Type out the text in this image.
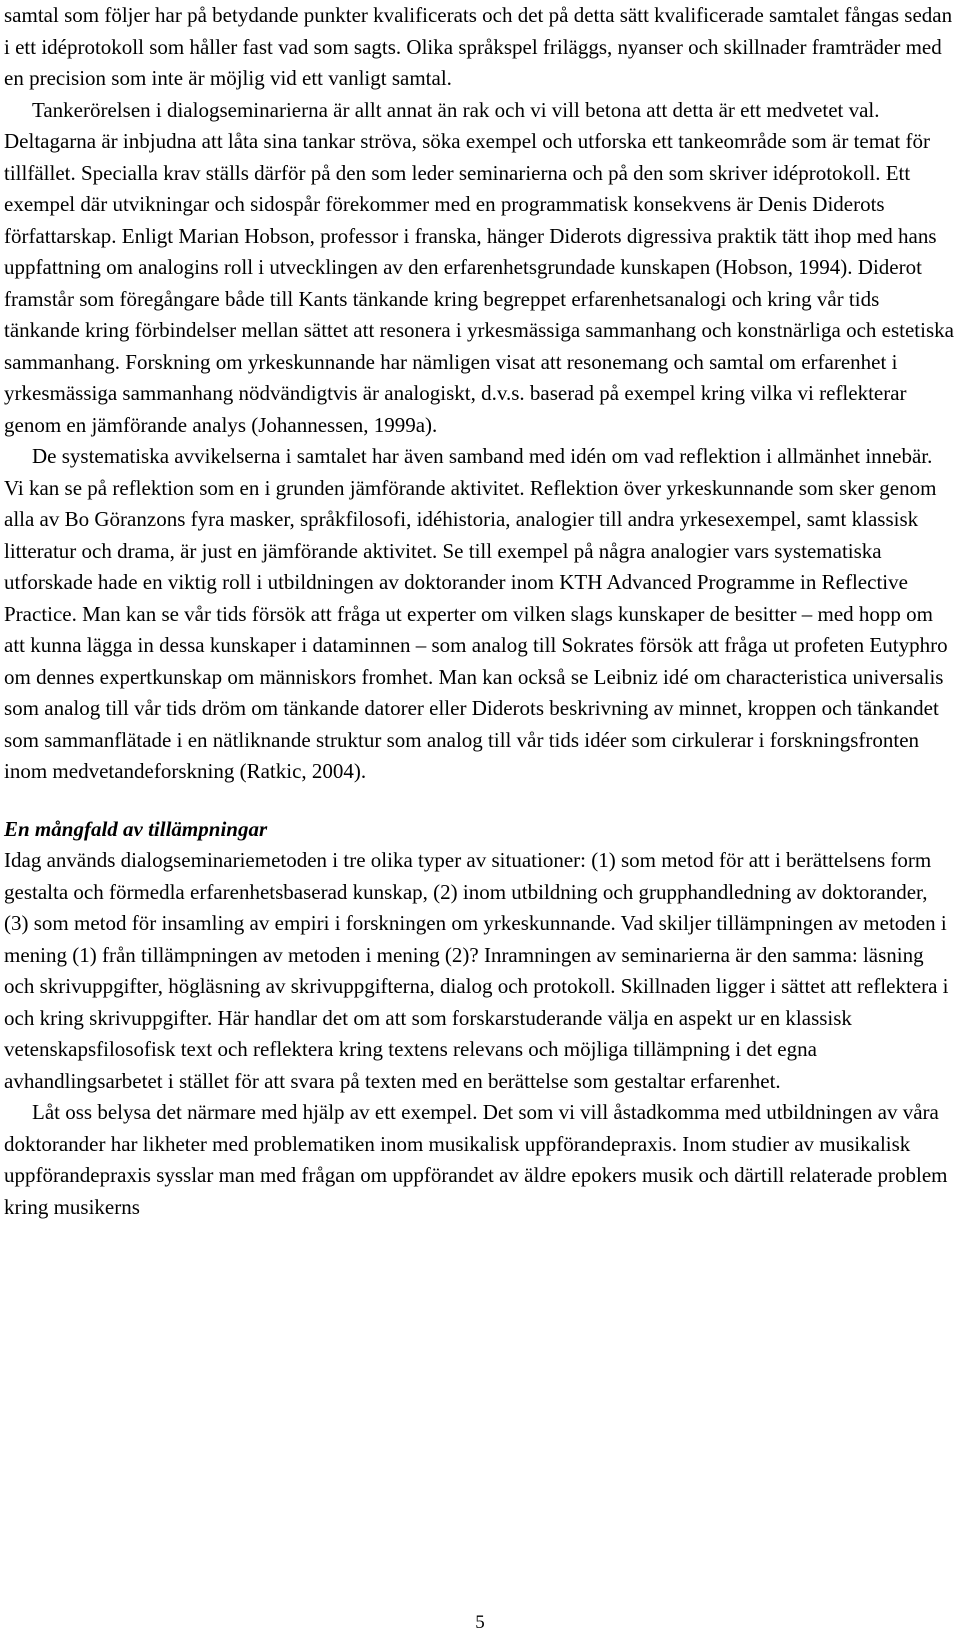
samtal som följer har på betydande punkter kvalificerats och det på detta sätt kvalificerade samtalet fångas sedan i ett idéprotokoll som håller fast vad som sagts. Olika språkspel friläggs, nyanser och skillnader framträder med en precision som inte är möjlig vid ett vanligt samtal.

Tankerörelsen i dialogseminarierna är allt annat än rak och vi vill betona att detta är ett medvetet val. Deltagarna är inbjudna att låta sina tankar ströva, söka exempel och utforska ett tankeområde som är temat för tillfället. Specialla krav ställs därför på den som leder seminarierna och på den som skriver idéprotokoll. Ett exempel där utvikningar och sidospår förekommer med en programmatisk konsekvens är Denis Diderots författarskap. Enligt Marian Hobson, professor i franska, hänger Diderots digressiva praktik tätt ihop med hans uppfattning om analogins roll i utvecklingen av den erfarenhetsgrundade kunskapen (Hobson, 1994). Diderot framstår som föregångare både till Kants tänkande kring begreppet erfarenhetsanalogi och kring vår tids tänkande kring förbindelser mellan sättet att resonera i yrkesmässiga sammanhang och konstnärliga och estetiska sammanhang. Forskning om yrkeskunnande har nämligen visat att resonemang och samtal om erfarenhet i yrkesmässiga sammanhang nödvändigtvis är analogiskt, d.v.s. baserad på exempel kring vilka vi reflekterar genom en jämförande analys (Johannessen, 1999a).

De systematiska avvikelserna i samtalet har även samband med idén om vad reflektion i allmänhet innebär. Vi kan se på reflektion som en i grunden jämförande aktivitet. Reflektion över yrkeskunnande som sker genom alla av Bo Göranzons fyra masker, språkfilosofi, idéhistoria, analogier till andra yrkesexempel, samt klassisk litteratur och drama, är just en jämförande aktivitet. Se till exempel på några analogier vars systematiska utforskade hade en viktig roll i utbildningen av doktorander inom KTH Advanced Programme in Reflective Practice. Man kan se vår tids försök att fråga ut experter om vilken slags kunskaper de besitter – med hopp om att kunna lägga in dessa kunskaper i dataminnen – som analog till Sokrates försök att fråga ut profeten Eutyphro om dennes expertkunskap om människors fromhet. Man kan också se Leibniz idé om characteristica universalis som analog till vår tids dröm om tänkande datorer eller Diderots beskrivning av minnet, kroppen och tänkandet som sammanflätade i en nätliknande struktur som analog till vår tids idéer som cirkulerar i forskningsfronten inom medvetandeforskning (Ratkic, 2004).

En mångfald av tillämpningar

Idag används dialogseminariemetoden i tre olika typer av situationer: (1) som metod för att i berättelsens form gestalta och förmedla erfarenhetsbaserad kunskap, (2) inom utbildning och grupphandledning av doktorander, (3) som metod för insamling av empiri i forskningen om yrkeskunnande. Vad skiljer tillämpningen av metoden i mening (1) från tillämpningen av metoden i mening (2)? Inramningen av seminarierna är den samma: läsning och skrivuppgifter, högläsning av skrivuppgifterna, dialog och protokoll. Skillnaden ligger i sättet att reflektera i och kring skrivuppgifter. Här handlar det om att som forskarstuderande välja en aspekt ur en klassisk vetenskapsfilosofisk text och reflektera kring textens relevans och möjliga tillämpning i det egna avhandlingsarbetet i stället för att svara på texten med en berättelse som gestaltar erfarenhet.

Låt oss belysa det närmare med hjälp av ett exempel. Det som vi vill åstadkomma med utbildningen av våra doktorander har likheter med problematiken inom musikalisk uppförandepraxis. Inom studier av musikalisk uppförandepraxis sysslar man med frågan om uppförandet av äldre epokers musik och därtill relaterade problem kring musikerns

5
